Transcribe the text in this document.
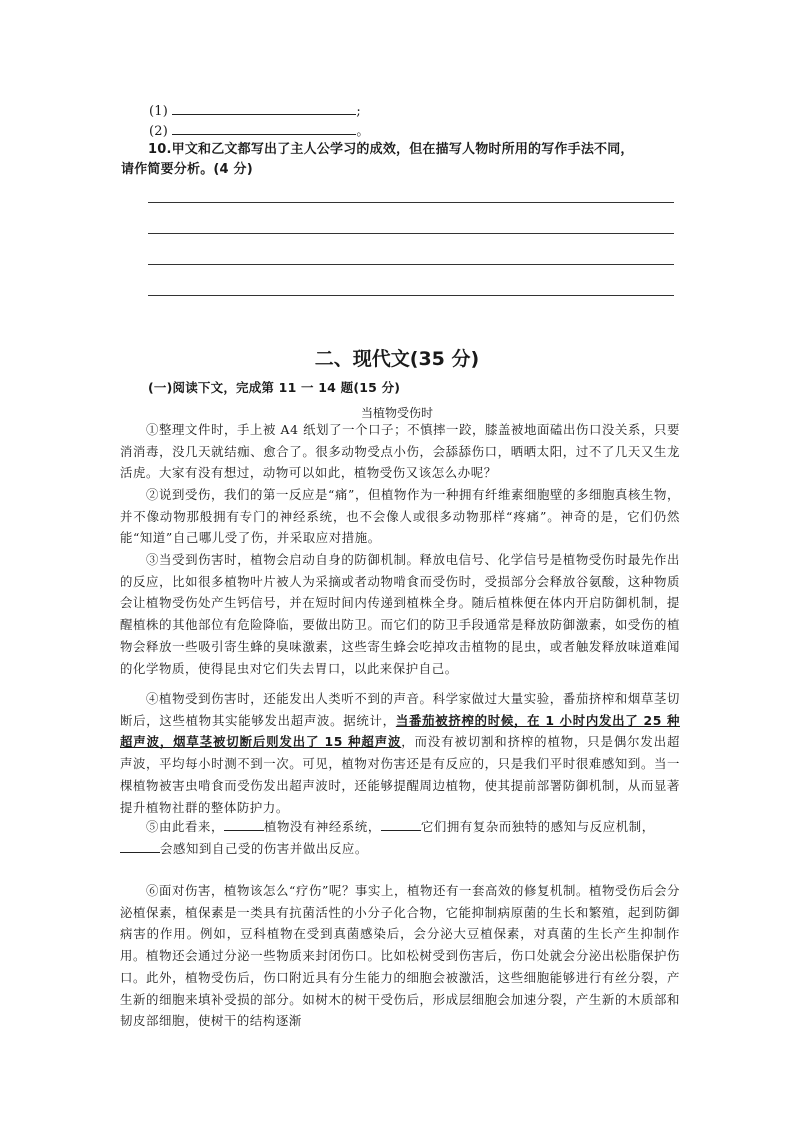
(1)	;
(2)	。
10.甲文和乙文都写出了主人公学习的成效，但在描写人物时所用的写作手法不同，
请作简要分析。(4 分)
二、现代文(35 分)
(一)阅读下文，完成第 11 一 14 题(15 分)
当植物受伤时
①整理文件时，手上被 A4 纸划了一个口子；不慎摔一跤，膝盖被地面磕出伤口没关系，只要消消毒，没几天就结痂、愈合了。很多动物受点小伤，会舔舔伤口，晒晒太阳，过不了几天又生龙活虎。大家有没有想过，动物可以如此，植物受伤又该怎么办呢？
②说到受伤，我们的第一反应是“痛”，但植物作为一种拥有纤维素细胞壁的多细胞真核生物，并不像动物那般拥有专门的神经系统，也不会像人或很多动物那样“疼痛”。神奇的是，它们仍然能“知道”自己哪儿受了伤，并采取应对措施。
③当受到伤害时，植物会启动自身的防御机制。释放电信号、化学信号是植物受伤时最先作出的反应，比如很多植物叶片被人为采摘或者动物啃食而受伤时，受损部分会释放谷氨酸，这种物质会让植物受伤处产生钙信号，并在短时间内传递到植株全身。随后植株便在体内开启防御机制，提醒植株的其他部位有危险降临，要做出防卫。而它们的防卫手段通常是释放防御激素，如受伤的植物会释放一些吸引寄生蜂的臭味激素，这些寄生蜂会吃掉攻击植物的昆虫，或者触发释放味道难闻的化学物质，使得昆虫对它们失去胃口，以此来保护自己。
④植物受到伤害时，还能发出人类听不到的声音。科学家做过大量实验，番茄挤榨和烟草茎切断后，这些植物其实能够发出超声波。据统计，当番茄被挤榨的时候，在 1 小时内发出了 25 种超声波，烟草茎被切断后则发出了 15 种超声波，而没有被切割和挤榨的植物，只是偶尔发出超声波，平均每小时测不到一次。可见，植物对伤害还是有反应的，只是我们平时很难感知到。当一棵植物被害虫啃食而受伤发出超声波时，还能够提醒周边植物，使其提前部署防御机制，从而显著提升植物社群的整体防护力。
⑤由此看来，	植物没有神经系统，	它们拥有复杂而独特的感知与反应机制，
会感知到自己受的伤害并做出反应。
⑥面对伤害，植物该怎么“疗伤”呢？事实上，植物还有一套高效的修复机制。植物受伤后会分泌植保素，植保素是一类具有抗菌活性的小分子化合物，它能抑制病原菌的生长和繁殖，起到防御病害的作用。例如，豆科植物在受到真菌感染后，会分泌大豆植保素，对真菌的生长产生抑制作用。植物还会通过分泌一些物质来封闭伤口。比如松树受到伤害后，伤口处就会分泌出松脂保护伤口。此外，植物受伤后，伤口附近具有分生能力的细胞会被激活，这些细胞能够进行有丝分裂，产生新的细胞来填补受损的部分。如树木的树干受伤后，形成层细胞会加速分裂，产生新的木质部和韧皮部细胞，使树干的结构逐渐
